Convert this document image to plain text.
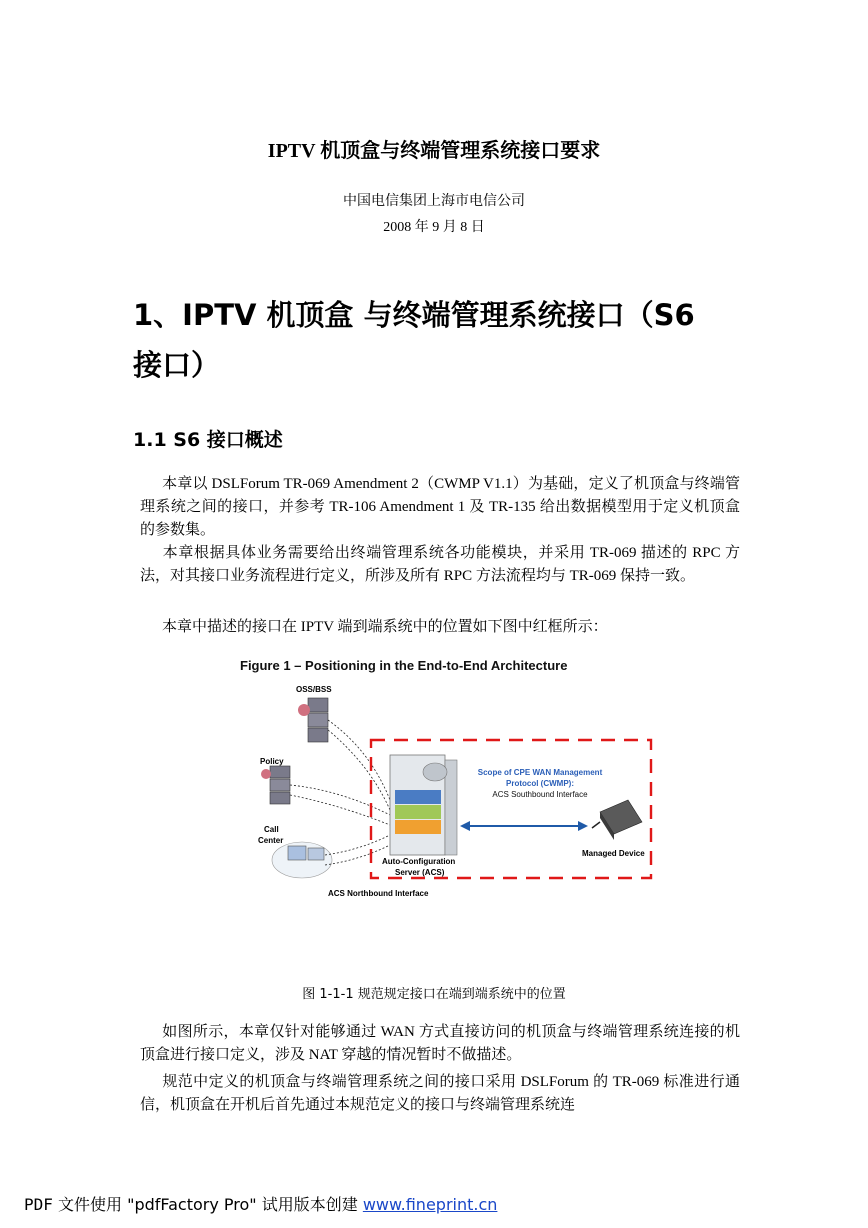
IPTV 机顶盒与终端管理系统接口要求
中国电信集团上海市电信公司
2008 年 9 月 8 日
1、IPTV 机顶盒 与终端管理系统接口（S6
接口）
1.1 S6 接口概述
本章以 DSLForum TR-069 Amendment 2（CWMP V1.1）为基础，定义了机顶盒与终端管理系统之间的接口，并参考 TR-106 Amendment 1 及 TR-135 给出数据模型用于定义机顶盒的参数集。
本章根据具体业务需要给出终端管理系统各功能模块，并采用 TR-069 描述的 RPC 方法，对其接口业务流程进行定义，所涉及所有 RPC 方法流程均与 TR-069 保持一致。
本章中描述的接口在 IPTV 端到端系统中的位置如下图中红框所示：
Figure 1 – Positioning in the End-to-End Architecture
OSS/BSS
Policy
Call
Center
Auto-Configuration
Server (ACS)
Scope of CPE WAN Management
Protocol (CWMP):
ACS Southbound Interface
Managed Device
ACS Northbound Interface
图 1-1-1 规范规定接口在端到端系统中的位置
如图所示，本章仅针对能够通过 WAN 方式直接访问的机顶盒与终端管理系统连接的机顶盒进行接口定义，涉及 NAT 穿越的情况暂时不做描述。
规范中定义的机顶盒与终端管理系统之间的接口采用 DSLForum 的 TR-069 标准进行通信，机顶盒在开机后首先通过本规范定义的接口与终端管理系统连
PDF 文件使用 "pdfFactory Pro" 试用版本创建 www.fineprint.cn
